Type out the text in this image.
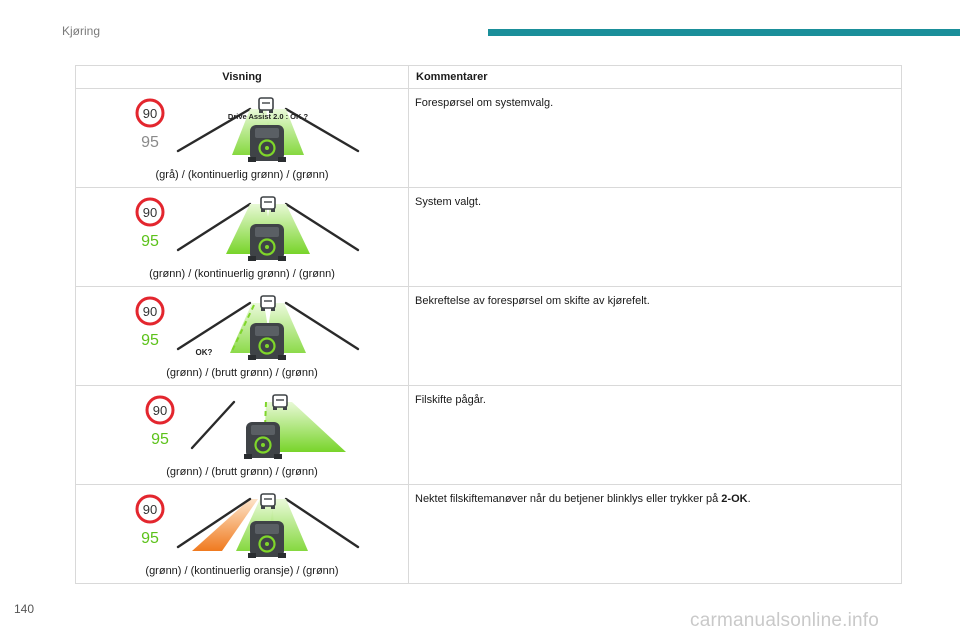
Kjøring
Visning	Kommentarer

90
95
Drive Assist 2.0 : OK ?
(grå) / (kontinuerlig grønn) / (grønn)	Forespørsel om systemvalg.

90
95
(grønn) / (kontinuerlig grønn) / (grønn)	System valgt.

90
95
OK?
(grønn) / (brutt grønn) / (grønn)	Bekreftelse av forespørsel om skifte av kjørefelt.

90
95
(grønn) / (brutt grønn) / (grønn)	Filskifte pågår.

90
95
(grønn) / (kontinuerlig oransje) / (grønn)	Nektet filskiftemanøver når du betjener blinklys eller trykker på 2-OK.
140
carmanualsonline.info
